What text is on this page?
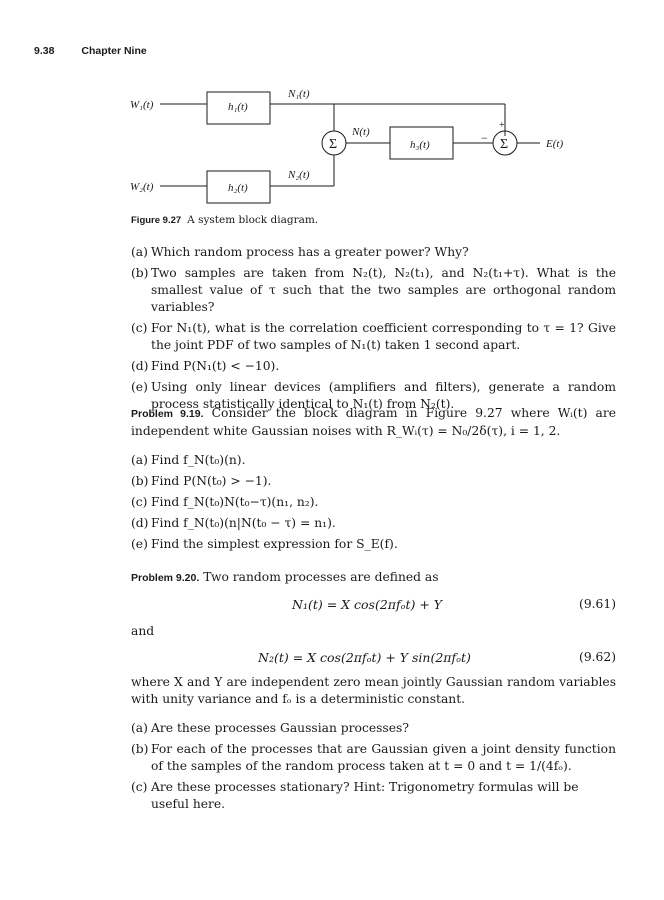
9.38	Chapter Nine
W₁(t)
W₂(t)
h₁(t)
h₂(t)
h₃(t)
N₁(t)
N₂(t)
N(t)
E(t)
Σ	Σ
+
−
Figure 9.27 A system block diagram.
(a) Which random process has a greater power? Why?
(b) Two samples are taken from N₂(t), N₂(t₁), and N₂(t₁+τ). What is the smallest value of τ such that the two samples are orthogonal random variables?
(c) For N₁(t), what is the correlation coefficient corresponding to τ = 1? Give the joint PDF of two samples of N₁(t) taken 1 second apart.
(d) Find P(N₁(t) < −10).
(e) Using only linear devices (amplifiers and filters), generate a random process statistically identical to N₁(t) from N₂(t).
Problem 9.19. Consider the block diagram in Figure 9.27 where Wᵢ(t) are independent white Gaussian noises with R_Wᵢ(τ) = N₀/2δ(τ), i = 1, 2.
(a) Find f_N(t₀)(n).
(b) Find P(N(t₀) > −1).
(c) Find f_N(t₀)N(t₀−τ)(n₁, n₂).
(d) Find f_N(t₀)(n|N(t₀ − τ) = n₁).
(e) Find the simplest expression for S_E(f).
Problem 9.20. Two random processes are defined as
N₁(t) = X cos(2πfₒt) + Y	(9.61)
and
N₂(t) = X cos(2πfₒt) + Y sin(2πfₒt)	(9.62)
where X and Y are independent zero mean jointly Gaussian random variables with unity variance and fₒ is a deterministic constant.
(a) Are these processes Gaussian processes?
(b) For each of the processes that are Gaussian given a joint density function of the samples of the random process taken at t = 0 and t = 1/(4fₒ).
(c) Are these processes stationary? Hint: Trigonometry formulas will be useful here.
